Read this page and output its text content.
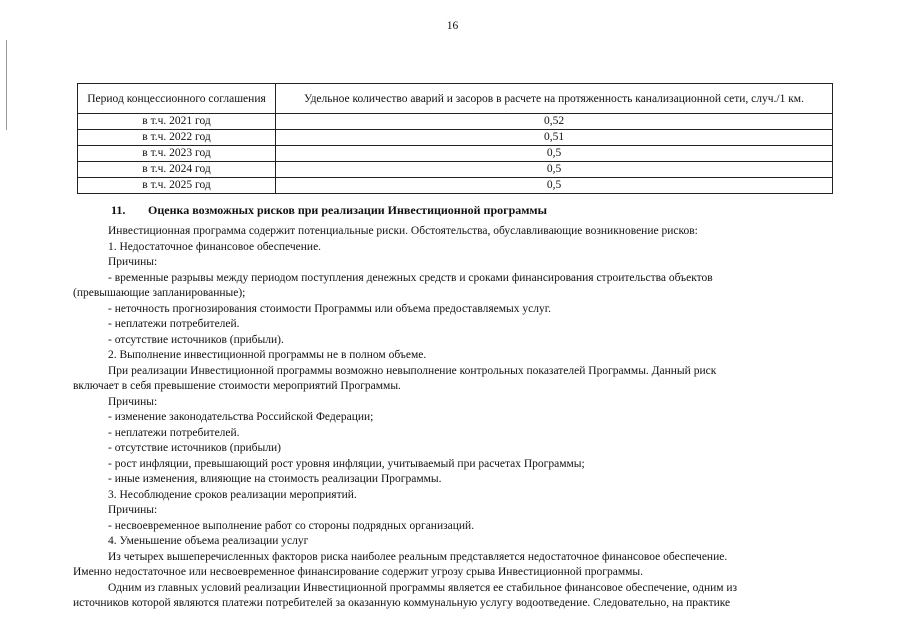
16
Период концессионного соглашения	Удельное количество аварий и засоров в расчете на протяженность канализационной сети, случ./1 км.
в т.ч. 2021 год	0,52
в т.ч. 2022 год	0,51
в т.ч. 2023 год	0,5
в т.ч. 2024 год	0,5
в т.ч. 2025 год	0,5
11. Оценка возможных рисков при реализации Инвестиционной программы

Инвестиционная программа содержит потенциальные риски. Обстоятельства, обуславливающие возникновение рисков:

1. Недостаточное финансовое обеспечение.

Причины:

- временные разрывы между периодом поступления денежных средств и сроками финансирования строительства объектов

(превышающие запланированные);

- неточность прогнозирования стоимости Программы или объема предоставляемых услуг.

- неплатежи потребителей.

- отсутствие источников (прибыли).

2. Выполнение инвестиционной программы не в полном объеме.

При реализации Инвестиционной программы возможно невыполнение контрольных показателей Программы. Данный риск

включает в себя превышение стоимости мероприятий Программы.

Причины:

- изменение законодательства Российской Федерации;

- неплатежи потребителей.

- отсутствие источников (прибыли)

- рост инфляции, превышающий рост уровня инфляции, учитываемый при расчетах Программы;

- иные изменения, влияющие на стоимость реализации Программы.

3. Несоблюдение сроков реализации мероприятий.

Причины:

- несвоевременное выполнение работ со стороны подрядных организаций.

4. Уменьшение объема реализации услуг

Из четырех вышеперечисленных факторов риска наиболее реальным представляется недостаточное финансовое обеспечение.

Именно недостаточное или несвоевременное финансирование содержит угрозу срыва Инвестиционной программы.

Одним из главных условий реализации Инвестиционной программы является ее стабильное финансовое обеспечение, одним из

источников которой являются платежи потребителей за оказанную коммунальную услугу водоотведение. Следовательно, на практике
